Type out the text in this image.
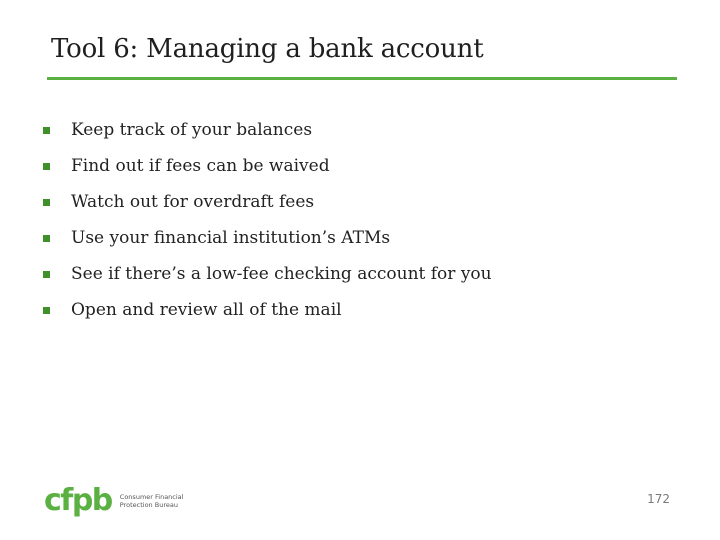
Tool 6: Managing a bank account
Keep track of your balances
Find out if fees can be waived
Watch out for overdraft fees
Use your financial institution’s ATMs
See if there’s a low-fee checking account for you
Open and review all of the mail
cfpb Consumer Financial
Protection Bureau	172
